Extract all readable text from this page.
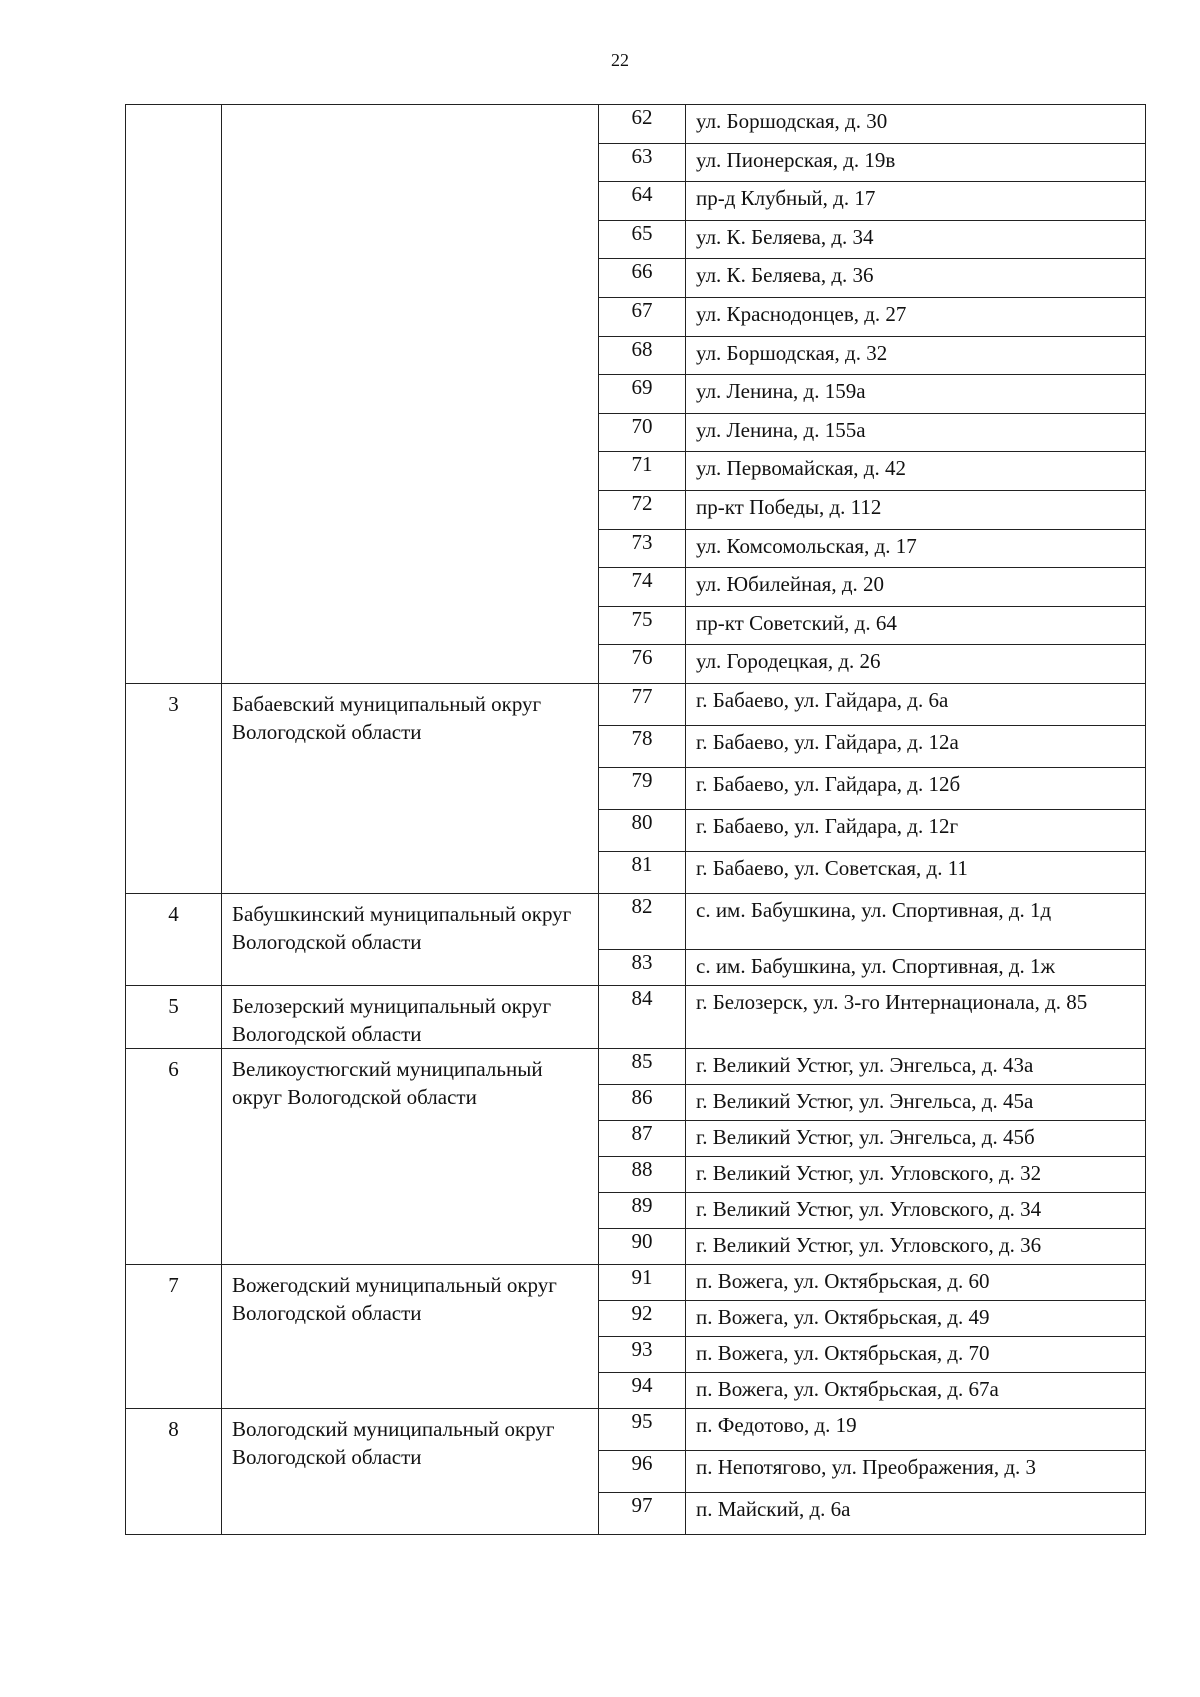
22
		62	ул. Боршодская, д. 30
		63	ул. Пионерская, д. 19в
		64	пр-д Клубный, д. 17
		65	ул. К. Беляева, д. 34
		66	ул. К. Беляева, д. 36
		67	ул. Краснодонцев, д. 27
		68	ул. Боршодская, д. 32
		69	ул. Ленина, д. 159а
		70	ул. Ленина, д. 155а
		71	ул. Первомайская, д. 42
		72	пр-кт Победы, д. 112
		73	ул. Комсомольская, д. 17
		74	ул. Юбилейная, д. 20
		75	пр-кт Советский, д. 64
		76	ул. Городецкая, д. 26
3	Бабаевский муниципальный округ Вологодской области	77	г. Бабаево, ул. Гайдара, д. 6а
		78	г. Бабаево, ул. Гайдара, д. 12а
		79	г. Бабаево, ул. Гайдара, д. 12б
		80	г. Бабаево, ул. Гайдара, д. 12г
		81	г. Бабаево, ул. Советская, д. 11
4	Бабушкинский муниципальный округ Вологодской области	82	с. им. Бабушкина, ул. Спортивная, д. 1д
		83	с. им. Бабушкина, ул. Спортивная, д. 1ж
5	Белозерский муниципальный округ Вологодской области	84	г. Белозерск, ул. 3-го Интернационала, д. 85
6	Великоустюгский муниципальный округ Вологодской области	85	г. Великий Устюг, ул. Энгельса, д. 43а
		86	г. Великий Устюг, ул. Энгельса, д. 45а
		87	г. Великий Устюг, ул. Энгельса, д. 45б
		88	г. Великий Устюг, ул. Угловского, д. 32
		89	г. Великий Устюг, ул. Угловского, д. 34
		90	г. Великий Устюг, ул. Угловского, д. 36
7	Вожегодский муниципальный округ Вологодской области	91	п. Вожега, ул. Октябрьская, д. 60
		92	п. Вожега, ул. Октябрьская, д. 49
		93	п. Вожега, ул. Октябрьская, д. 70
		94	п. Вожега, ул. Октябрьская, д. 67а
8	Вологодский муниципальный округ Вологодской области	95	п. Федотово, д. 19
		96	п. Непотягово, ул. Преображения, д. 3
		97	п. Майский, д. 6а
